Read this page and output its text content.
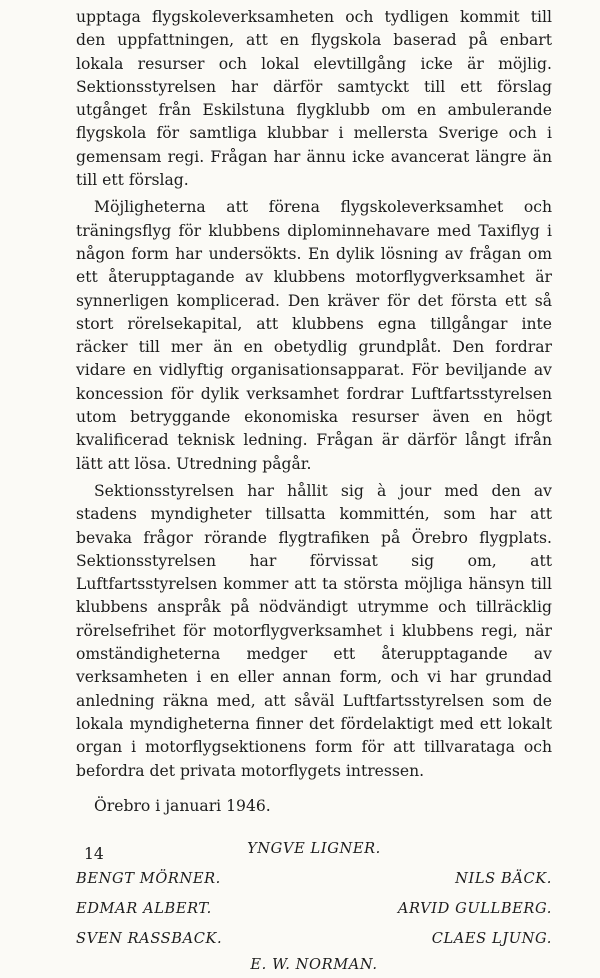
upptaga flygskoleverksamheten och tydligen kommit till den uppfattningen, att en flygskola baserad på enbart lokala resurser och lokal elevtillgång icke är möjlig. Sektionsstyrelsen har därför samtyckt till ett förslag utgånget från Eskilstuna flygklubb om en ambulerande flygskola för samtliga klubbar i mellersta Sverige och i gemensam regi. Frågan har ännu icke avancerat längre än till ett förslag.

Möjligheterna att förena flygskoleverksamhet och träningsflyg för klubbens diplominnehavare med Taxiflyg i någon form har undersökts. En dylik lösning av frågan om ett återupptagande av klubbens motorflygverksamhet är synnerligen komplicerad. Den kräver för det första ett så stort rörelsekapital, att klubbens egna tillgångar inte räcker till mer än en obetydlig grundplåt. Den fordrar vidare en vidlyftig organisationsapparat. För beviljande av koncession för dylik verksamhet fordrar Luftfartsstyrelsen utom betryggande ekonomiska resurser även en högt kvalificerad teknisk ledning. Frågan är därför långt ifrån lätt att lösa. Utredning pågår.

Sektionsstyrelsen har hållit sig à jour med den av stadens myndigheter tillsatta kommittén, som har att bevaka frågor rörande flygtrafiken på Örebro flygplats. Sektionsstyrelsen har förvissat sig om, att Luftfartsstyrelsen kommer att ta största möjliga hänsyn till klubbens anspråk på nödvändigt utrymme och tillräcklig rörelsefrihet för motorflygverksamhet i klubbens regi, när omständigheterna medger ett återupptagande av verksamheten i en eller annan form, och vi har grundad anledning räkna med, att såväl Luftfartsstyrelsen som de lokala myndigheterna finner det fördelaktigt med ett lokalt organ i motorflygsektionens form för att tillvarataga och befordra det privata motorflygets intressen.

Örebro i januari 1946.
YNGVE LIGNER.
BENGT MÖRNER.	NILS BÄCK.
EDMAR ALBERT.	ARVID GULLBERG.
SVEN RASSBACK.	CLAES LJUNG.
E. W. NORMAN.
14
